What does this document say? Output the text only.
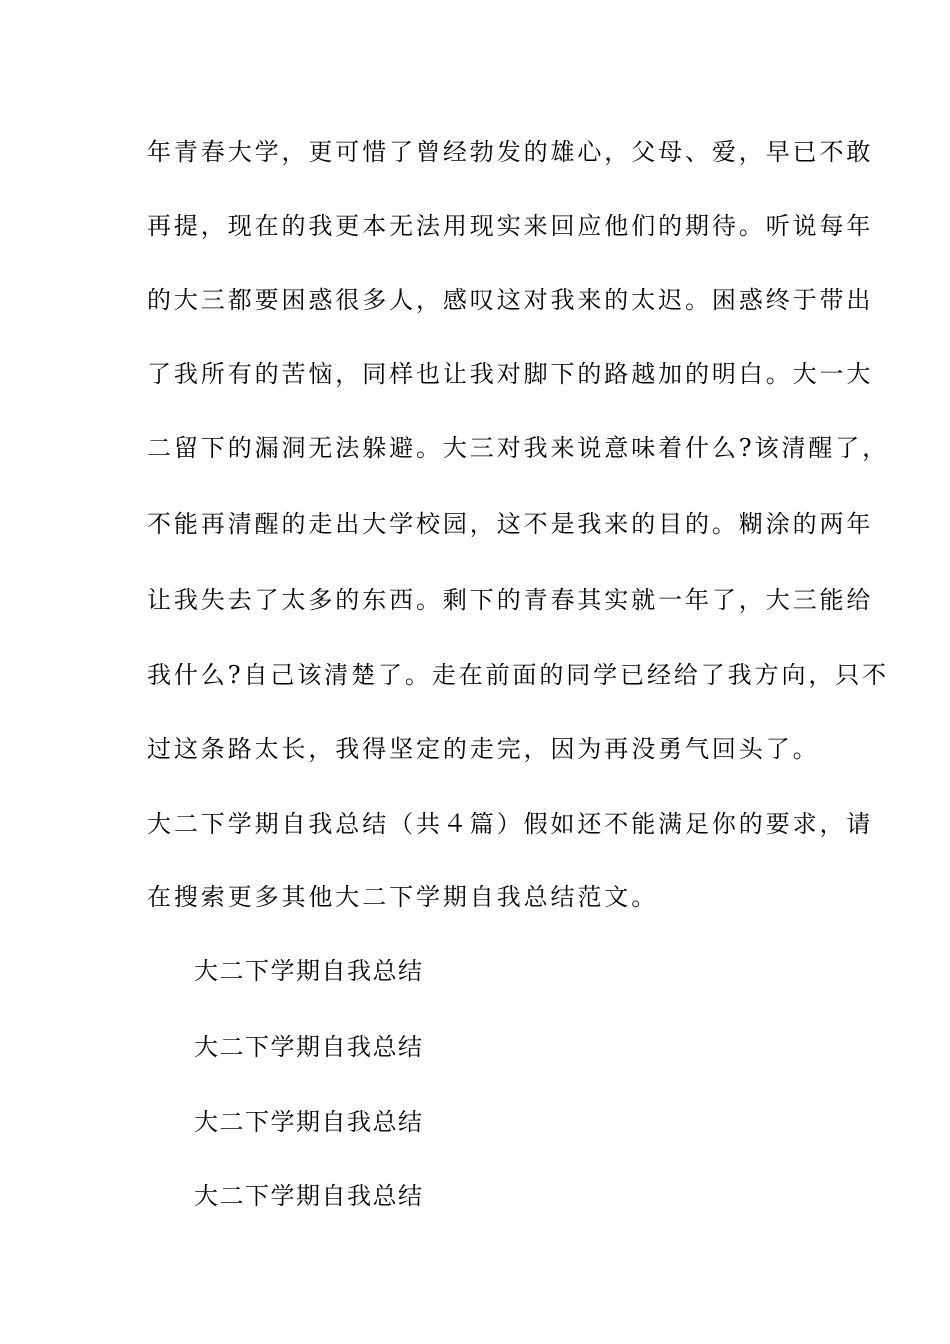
年青春大学，更可惜了曾经勃发的雄心，父母、爱，早已不敢
再提，现在的我更本无法用现实来回应他们的期待。听说每年
的大三都要困惑很多人，感叹这对我来的太迟。困惑终于带出
了我所有的苦恼，同样也让我对脚下的路越加的明白。大一大
二留下的漏洞无法躲避。大三对我来说意味着什么?该清醒了，
不能再清醒的走出大学校园，这不是我来的目的。糊涂的两年
让我失去了太多的东西。剩下的青春其实就一年了，大三能给
我什么?自己该清楚了。走在前面的同学已经给了我方向，只不
过这条路太长，我得坚定的走完，因为再没勇气回头了。
大二下学期自我总结（共４篇）假如还不能满足你的要求，请
在搜索更多其他大二下学期自我总结范文。
大二下学期自我总结
大二下学期自我总结
大二下学期自我总结
大二下学期自我总结
